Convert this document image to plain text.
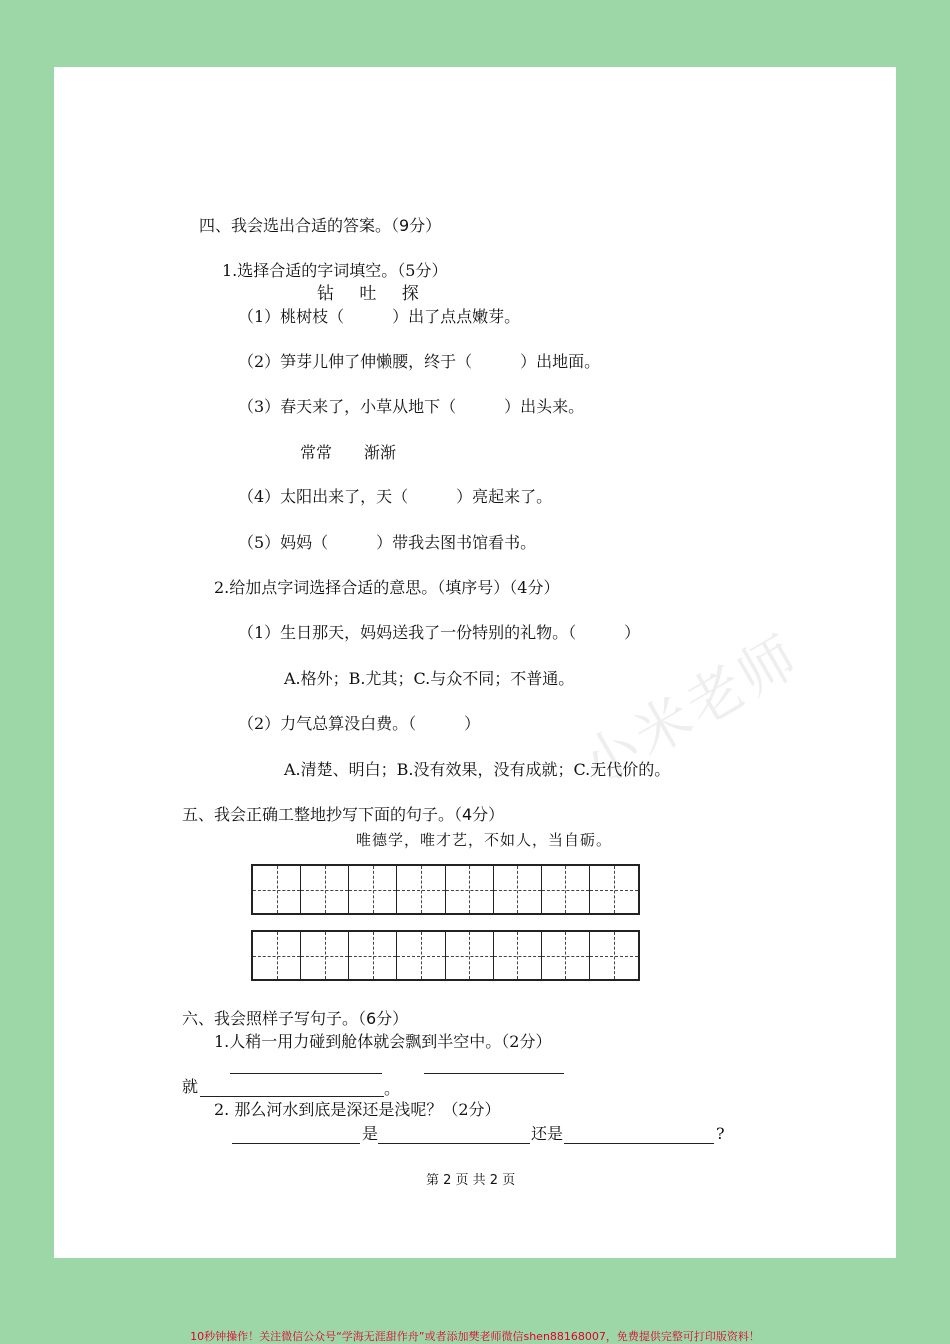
小米老师
四、我会选出合适的答案。（9分）
1.选择合适的字词填空。（5分）
钻 吐 探
（1）桃树枝（　　　）出了点点嫩芽。
（2）笋芽儿伸了伸懒腰，终于（　　　）出地面。
（3）春天来了，小草从地下（　　　）出头来。
常常　　渐渐
（4）太阳出来了，天（　　　）亮起来了。
（5）妈妈（　　　）带我去图书馆看书。
2.给加点字词选择合适的意思。（填序号）（4分）
（1）生日那天，妈妈送我了一份特别的礼物。（　　　）
A.格外；B.尤其；C.与众不同；不普通。
（2）力气总算没白费。（　　　）
A.清楚、明白；B.没有效果，没有成就；C.无代价的。
五、我会正确工整地抄写下面的句子。（4分）
唯德学，唯才艺，不如人，当自砺。
六、我会照样子写句子。（6分）
1.人稍一用力碰到舱体就会飘到半空中。（2分）
就	。
2. 那么河水到底是深还是浅呢？（2分）
是	还是	?
第 2 页 共 2 页
10秒钟操作！关注微信公众号“学海无涯甜作舟”或者添加樊老师微信shen88168007，免费提供完整可打印版资料！
